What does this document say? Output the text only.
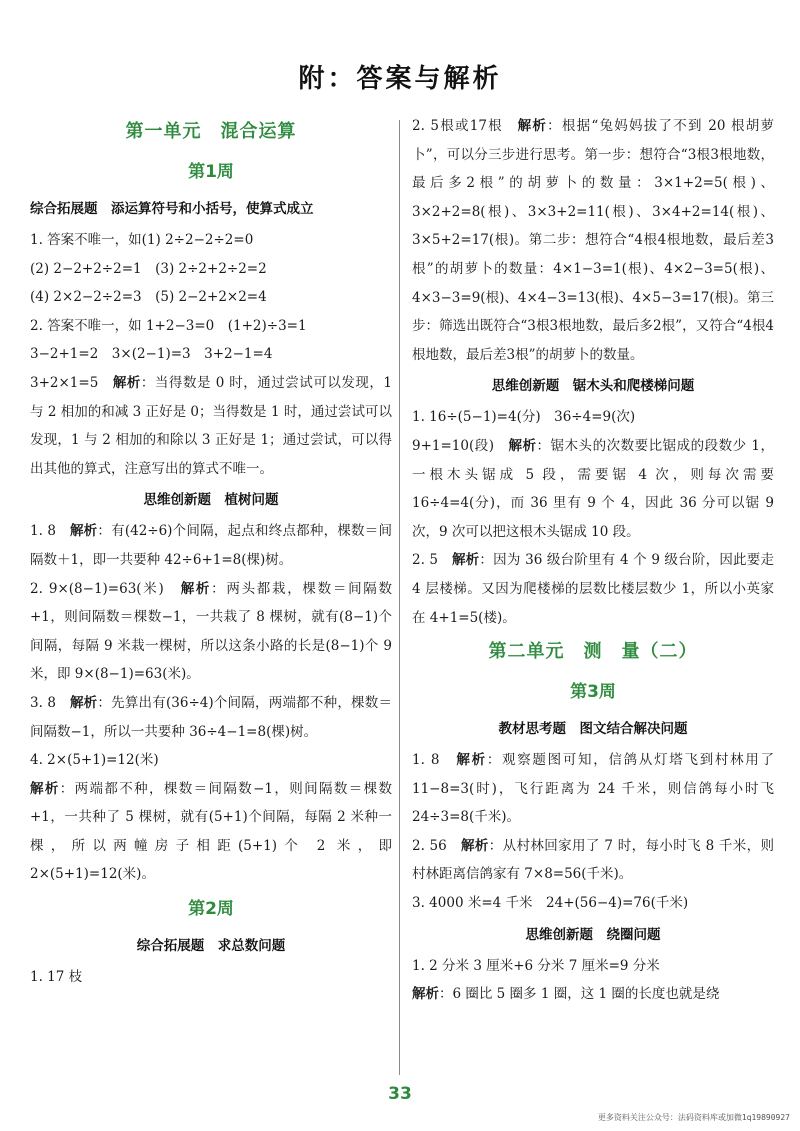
附：答案与解析

第一单元　混合运算

第1周

综合拓展题　添运算符号和小括号，使算式成立

1. 答案不唯一，如(1) 2÷2−2÷2=0

(2) 2−2+2÷2=1　(3) 2÷2+2÷2=2

(4) 2×2−2÷2=3　(5) 2−2+2×2=4

2. 答案不唯一，如 1+2−3=0　(1+2)÷3=1

3−2+1=2　3×(2−1)=3　3+2−1=4

3+2×1=5　解析：当得数是 0 时，通过尝试可以发现，1 与 2 相加的和减 3 正好是 0；当得数是 1 时，通过尝试可以发现，1 与 2 相加的和除以 3 正好是 1；通过尝试，可以得出其他的算式，注意写出的算式不唯一。

思维创新题　植树问题

1. 8　解析：有(42÷6)个间隔，起点和终点都种，棵数＝间隔数＋1，即一共要种 42÷6+1=8(棵)树。

2. 9×(8−1)=63(米)　解析：两头都栽，棵数＝间隔数+1，则间隔数＝棵数−1，一共栽了 8 棵树，就有(8−1)个间隔，每隔 9 米栽一棵树，所以这条小路的长是(8−1)个 9 米，即 9×(8−1)=63(米)。

3. 8　解析：先算出有(36÷4)个间隔，两端都不种，棵数＝间隔数−1，所以一共要种 36÷4−1=8(棵)树。

4. 2×(5+1)=12(米)

解析：两端都不种，棵数＝间隔数−1，则间隔数＝棵数+1，一共种了 5 棵树，就有(5+1)个间隔，每隔 2 米种一棵，所以两幢房子相距(5+1)个 2 米，即 2×(5+1)=12(米)。

第2周

综合拓展题　求总数问题

1. 17 枝

2. 5根或17根　解析：根据“兔妈妈拔了不到 20 根胡萝卜”，可以分三步进行思考。第一步：想符合“3根3根地数，最后多2根”的胡萝卜的数量：3×1+2=5(根)、3×2+2=8(根)、3×3+2=11(根)、3×4+2=14(根)、3×5+2=17(根)。第二步：想符合“4根4根地数，最后差3根”的胡萝卜的数量：4×1−3=1(根)、4×2−3=5(根)、4×3−3=9(根)、4×4−3=13(根)、4×5−3=17(根)。第三步：筛选出既符合“3根3根地数，最后多2根”，又符合“4根4根地数，最后差3根”的胡萝卜的数量。

思维创新题　锯木头和爬楼梯问题

1. 16÷(5−1)=4(分)　36÷4=9(次)

9+1=10(段)　解析：锯木头的次数要比锯成的段数少 1，一根木头锯成 5 段，需要锯 4 次，则每次需要 16÷4=4(分)，而 36 里有 9 个 4，因此 36 分可以锯 9 次，9 次可以把这根木头锯成 10 段。

2. 5　解析：因为 36 级台阶里有 4 个 9 级台阶，因此要走 4 层楼梯。又因为爬楼梯的层数比楼层数少 1，所以小英家在 4+1=5(楼)。

第二单元　测　量（二）

第3周

教材思考题　图文结合解决问题

1. 8　解析：观察题图可知，信鸽从灯塔飞到村林用了 11−8=3(时)，飞行距离为 24 千米，则信鸽每小时飞 24÷3=8(千米)。

2. 56　解析：从村林回家用了 7 时，每小时飞 8 千米，则村林距离信鸽家有 7×8=56(千米)。

3. 4000 米=4 千米　24+(56−4)=76(千米)

思维创新题　绕圈问题

1. 2 分米 3 厘米+6 分米 7 厘米=9 分米

解析：6 圈比 5 圈多 1 圈，这 1 圈的长度也就是绕

33
更多资料关注公众号：法码资料库或加微1q19890927
